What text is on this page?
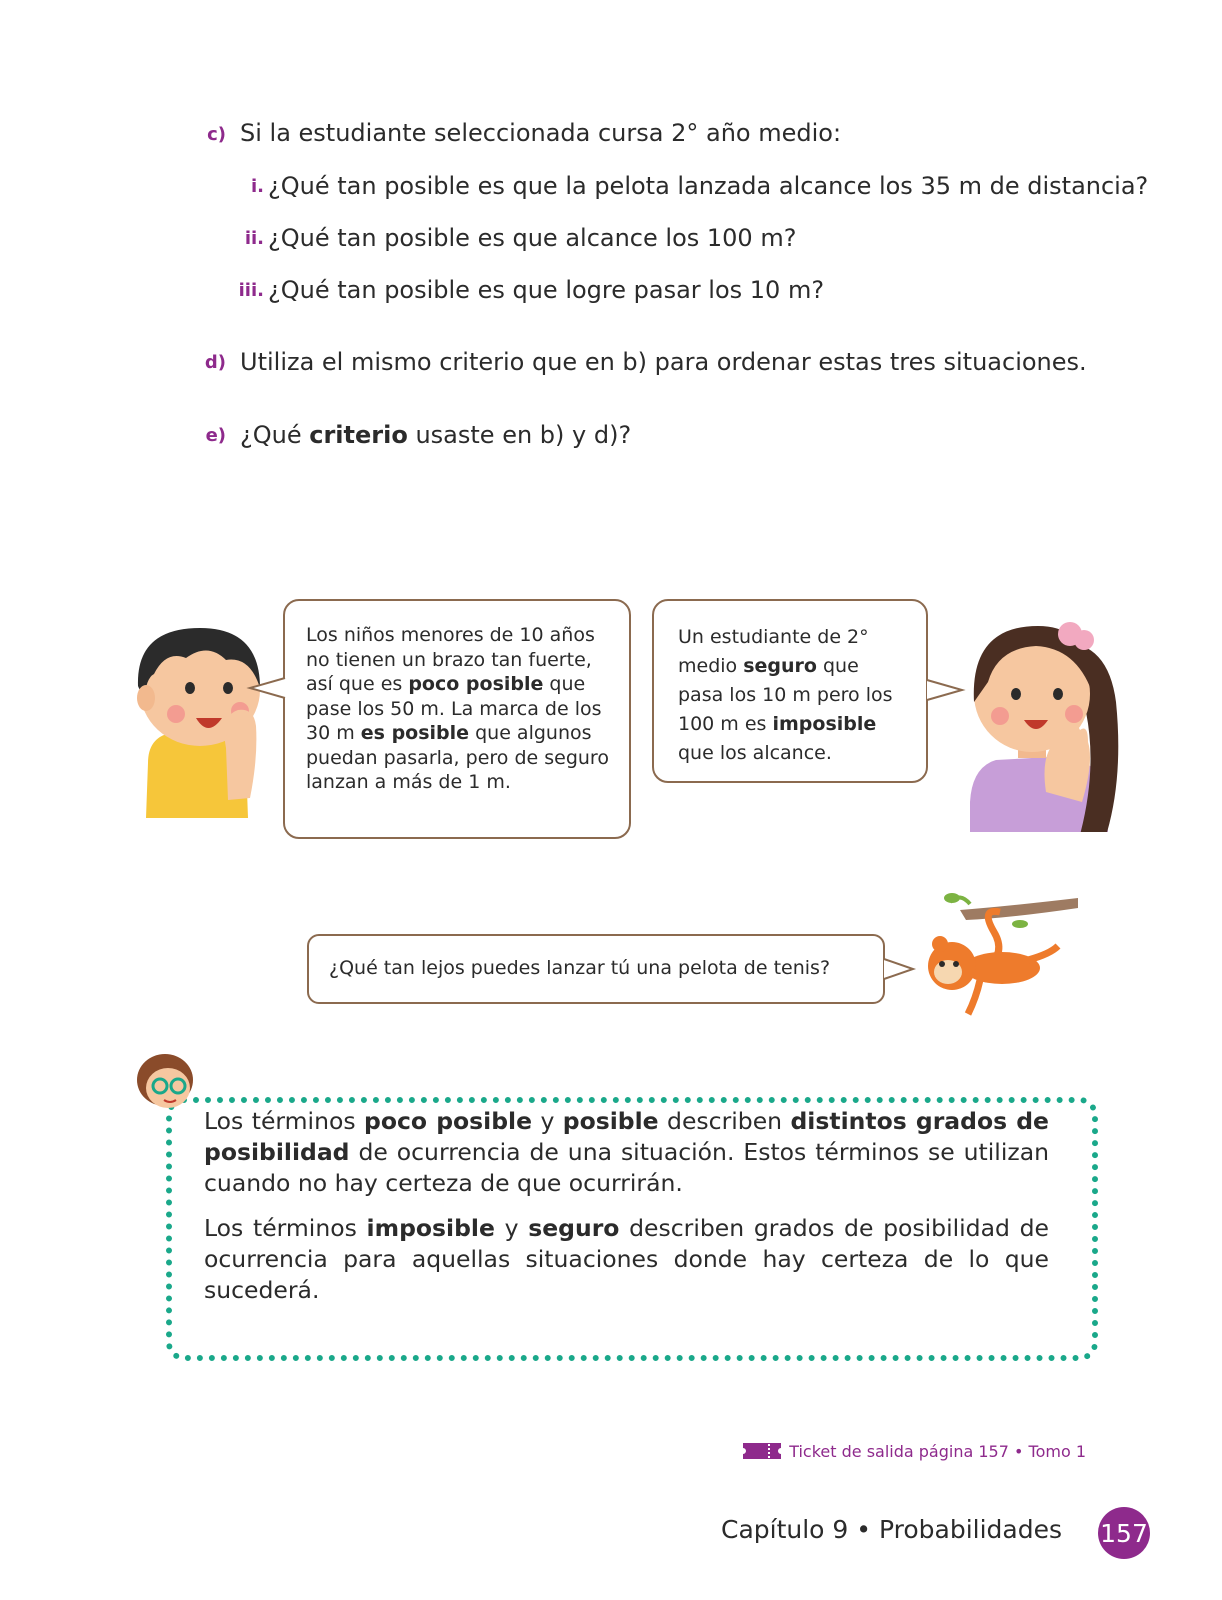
c) Si la estudiante seleccionada cursa 2° año medio:
i. ¿Qué tan posible es que la pelota lanzada alcance los 35 m de distancia?
ii. ¿Qué tan posible es que alcance los 100 m?
iii. ¿Qué tan posible es que logre pasar los 10 m?
d) Utiliza el mismo criterio que en b) para ordenar estas tres situaciones.
e) ¿Qué criterio usaste en b) y d)?
Los niños menores de 10 años no tienen un brazo tan fuerte, así que es poco posible que pase los 50 m. La marca de los 30 m es posible que algunos puedan pasarla, pero de seguro lanzan a más de 1 m.
Un estudiante de 2° medio seguro que pasa los 10 m pero los 100 m es imposible que los alcance.
¿Qué tan lejos puedes lanzar tú una pelota de tenis?

Los términos poco posible y posible describen distintos grados de posibilidad de ocurrencia de una situación. Estos términos se utilizan cuando no hay certeza de que ocurrirán.

Los términos imposible y seguro describen grados de posibilidad de ocurrencia para aquellas situaciones donde hay certeza de lo que sucederá.

Ticket de salida página 157 • Tomo 1
Capítulo 9 • Probabilidades 157
